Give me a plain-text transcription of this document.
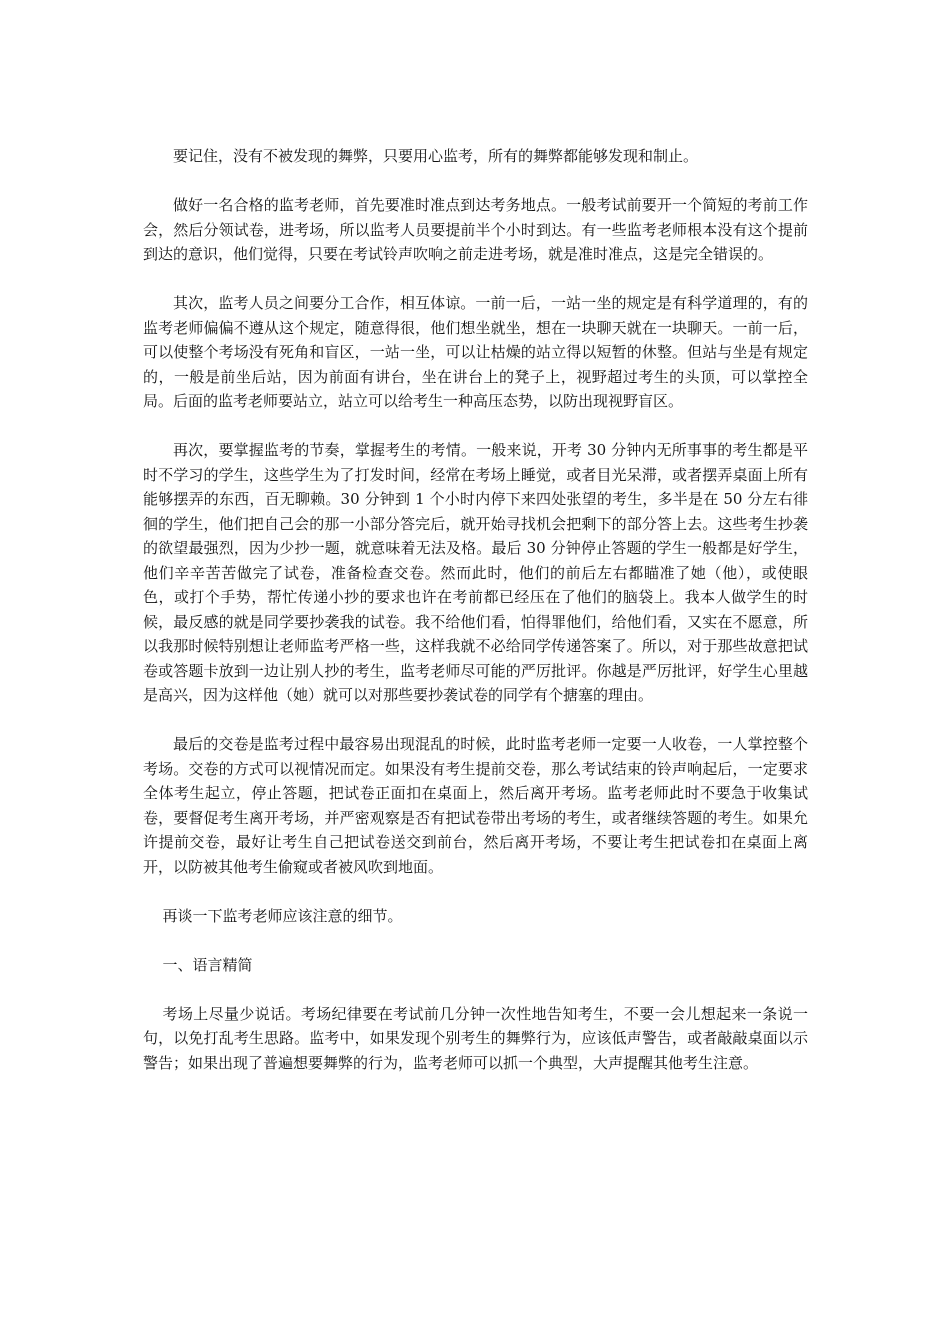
要记住，没有不被发现的舞弊，只要用心监考，所有的舞弊都能够发现和制止。

做好一名合格的监考老师，首先要准时准点到达考务地点。一般考试前要开一个简短的考前工作会，然后分领试卷，进考场，所以监考人员要提前半个小时到达。有一些监考老师根本没有这个提前到达的意识，他们觉得，只要在考试铃声吹响之前走进考场，就是准时准点，这是完全错误的。

其次，监考人员之间要分工合作，相互体谅。一前一后，一站一坐的规定是有科学道理的，有的监考老师偏偏不遵从这个规定，随意得很，他们想坐就坐，想在一块聊天就在一块聊天。一前一后，可以使整个考场没有死角和盲区，一站一坐，可以让枯燥的站立得以短暂的休整。但站与坐是有规定的，一般是前坐后站，因为前面有讲台，坐在讲台上的凳子上，视野超过考生的头顶，可以掌控全局。后面的监考老师要站立，站立可以给考生一种高压态势，以防出现视野盲区。

再次，要掌握监考的节奏，掌握考生的考情。一般来说，开考 30 分钟内无所事事的考生都是平时不学习的学生，这些学生为了打发时间，经常在考场上睡觉，或者目光呆滞，或者摆弄桌面上所有能够摆弄的东西，百无聊赖。30 分钟到 1 个小时内停下来四处张望的考生，多半是在 50 分左右徘徊的学生，他们把自己会的那一小部分答完后，就开始寻找机会把剩下的部分答上去。这些考生抄袭的欲望最强烈，因为少抄一题，就意味着无法及格。最后 30 分钟停止答题的学生一般都是好学生，他们辛辛苦苦做完了试卷，准备检查交卷。然而此时，他们的前后左右都瞄准了她（他），或使眼色，或打个手势，帮忙传递小抄的要求也许在考前都已经压在了他们的脑袋上。我本人做学生的时候，最反感的就是同学要抄袭我的试卷。我不给他们看，怕得罪他们，给他们看，又实在不愿意，所以我那时候特别想让老师监考严格一些，这样我就不必给同学传递答案了。所以，对于那些故意把试卷或答题卡放到一边让别人抄的考生，监考老师尽可能的严厉批评。你越是严厉批评，好学生心里越是高兴，因为这样他（她）就可以对那些要抄袭试卷的同学有个搪塞的理由。

最后的交卷是监考过程中最容易出现混乱的时候，此时监考老师一定要一人收卷，一人掌控整个考场。交卷的方式可以视情况而定。如果没有考生提前交卷，那么考试结束的铃声响起后，一定要求全体考生起立，停止答题，把试卷正面扣在桌面上，然后离开考场。监考老师此时不要急于收集试卷，要督促考生离开考场，并严密观察是否有把试卷带出考场的考生，或者继续答题的考生。如果允许提前交卷，最好让考生自己把试卷送交到前台，然后离开考场，不要让考生把试卷扣在桌面上离开，以防被其他考生偷窥或者被风吹到地面。

再谈一下监考老师应该注意的细节。

一、语言精简

考场上尽量少说话。考场纪律要在考试前几分钟一次性地告知考生，不要一会儿想起来一条说一句，以免打乱考生思路。监考中，如果发现个别考生的舞弊行为，应该低声警告，或者敲敲桌面以示警告；如果出现了普遍想要舞弊的行为，监考老师可以抓一个典型，大声提醒其他考生注意。
